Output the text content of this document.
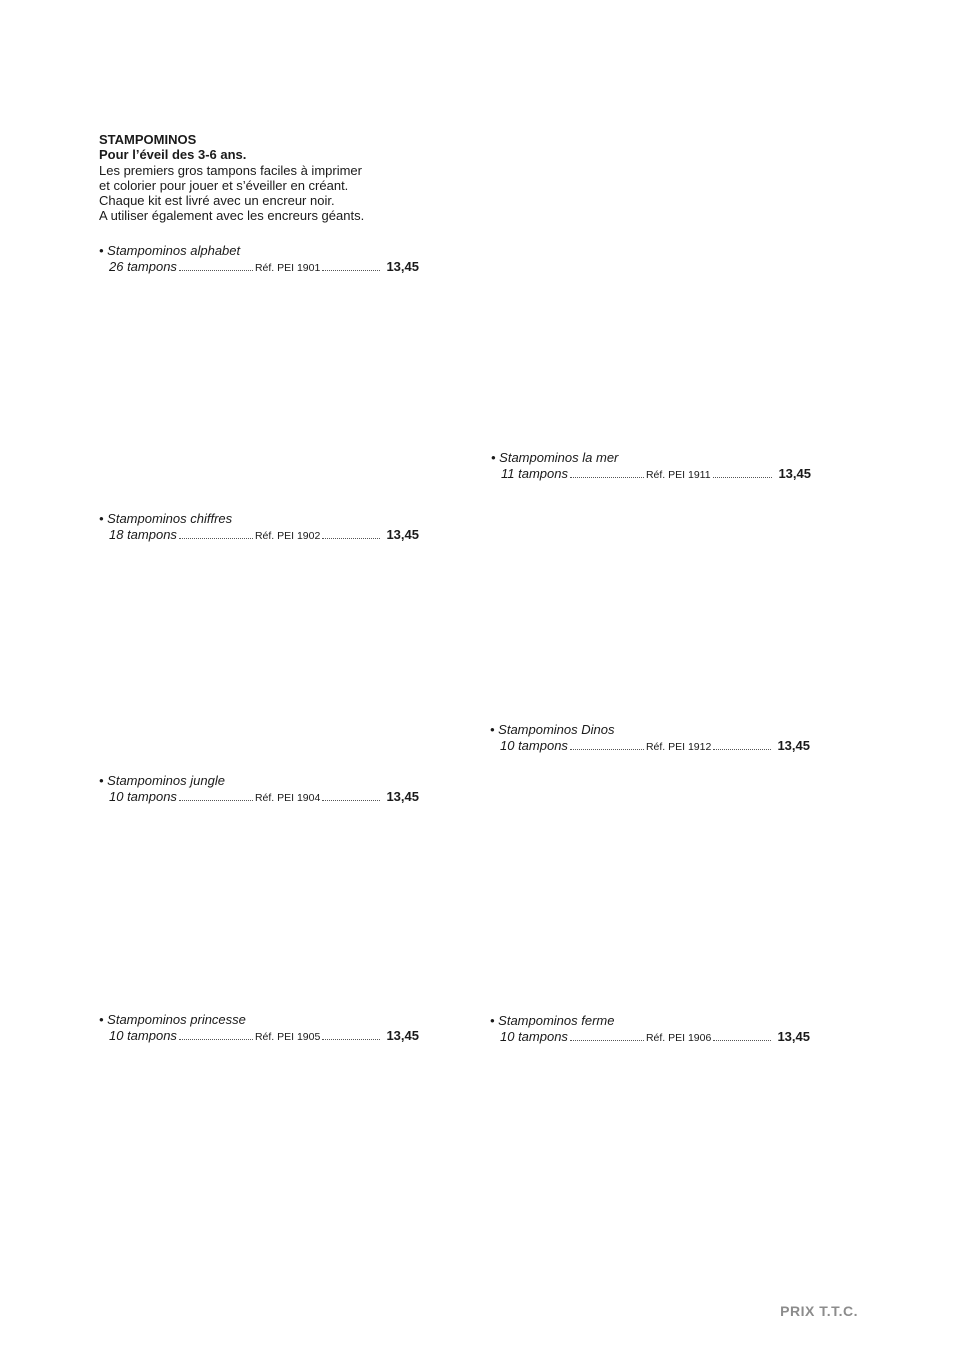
STAMPOMINOS
Pour l’éveil des 3-6 ans.
Les premiers gros tampons faciles à imprimer
et colorier pour jouer et s’éveiller en créant.
Chaque kit est livré avec un encreur noir.
A utiliser également avec les encreurs géants.
• Stampominos alphabet
26 tampons	Réf. PEI 1901	13,45
• Stampominos la mer
11 tampons	Réf. PEI 1911	13,45
• Stampominos chiffres
18 tampons	Réf. PEI 1902	13,45
• Stampominos Dinos
10 tampons	Réf. PEI 1912	13,45
• Stampominos jungle
10 tampons	Réf. PEI 1904	13,45
• Stampominos princesse
10 tampons	Réf. PEI 1905	13,45
• Stampominos ferme
10 tampons	Réf. PEI 1906	13,45
PRIX T.T.C.
